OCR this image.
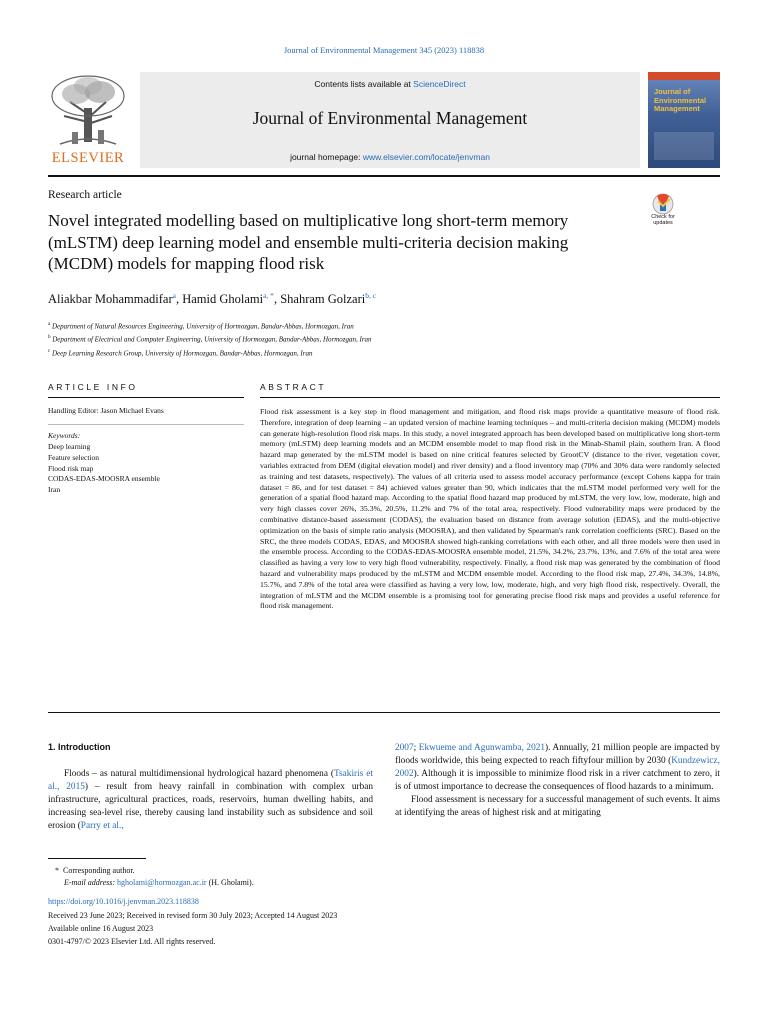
Journal of Environmental Management 345 (2023) 118838
ELSEVIER
Contents lists available at ScienceDirect
Journal of Environmental Management
journal homepage: www.elsevier.com/locate/jenvman
Journal of Environmental Management
Research article
Novel integrated modelling based on multiplicative long short-term memory (mLSTM) deep learning model and ensemble multi-criteria decision making (MCDM) models for mapping flood risk
Check for updates
Aliakbar Mohammadifar$^a$, Hamid Gholami$^{a, *}$, Shahram Golzari$^{b, c}$
$^a$ Department of Natural Resources Engineering, University of Hormozgan, Bandar-Abbas, Hormozgan, Iran
$^b$ Department of Electrical and Computer Engineering, University of Hormozgan, Bandar-Abbas, Hormozgan, Iran
$^c$ Deep Learning Research Group, University of Hormozgan, Bandar-Abbas, Hormozgan, Iran
ARTICLE INFO	ABSTRACT
Handling Editor: Jason Michael Evans
Keywords:
Deep learning
Feature selection
Flood risk map
CODAS-EDAS-MOOSRA ensemble
Iran
Flood risk assessment is a key step in flood management and mitigation, and flood risk maps provide a quantitative measure of flood risk. Therefore, integration of deep learning – an updated version of machine learning techniques – and multi-criteria decision making (MCDM) models can generate high-resolution flood risk maps. In this study, a novel integrated approach has been developed based on multiplicative long short-term memory (mLSTM) deep learning models and an MCDM ensemble model to map flood risk in the Minab-Shamil plain, southern Iran. A flood hazard map generated by the mLSTM model is based on nine critical features selected by GrootCV (distance to the river, vegetation cover, variables extracted from DEM (digital elevation model) and river density) and a flood inventory map (70% and 30% data were randomly selected as training and test datasets, respectively). The values of all criteria used to assess model accuracy performance (except Cohens kappa for train dataset = 86, and for test dataset = 84) achieved values greater than 90, which indicates that the mLSTM model performed very well for the generation of a spatial flood hazard map. According to the spatial flood hazard map produced by mLSTM, the very low, low, moderate, high and very high classes cover 26%, 35.3%, 20.5%, 11.2% and 7% of the total area, respectively. Flood vulnerability maps were produced by the combinative distance-based assessment (CODAS), the evaluation based on distance from average solution (EDAS), and the multi-objective optimization on the basis of simple ratio analysis (MOOSRA), and then validated by Spearman's rank correlation coefficients (SRC). Based on the SRC, the three models CODAS, EDAS, and MOOSRA showed high-ranking correlations with each other, and all three models were then used in the ensemble process. According to the CODAS-EDAS-MOOSRA ensemble model, 21.5%, 34.2%, 23.7%, 13%, and 7.6% of the total area were classified as having a very low to very high flood vulnerability, respectively. Finally, a flood risk map was generated by the combination of flood hazard and vulnerability maps produced by the mLSTM and MCDM ensemble model. According to the flood risk map, 27.4%, 34.3%, 14.8%, 15.7%, and 7.8% of the total area were classified as having a very low, low, moderate, high, and very high flood risk, respectively. Overall, the integration of mLSTM and the MCDM ensemble is a promising tool for generating precise flood risk maps and provides a useful reference for flood risk management.
1. Introduction
Floods – as natural multidimensional hydrological hazard phenomena (Tsakiris et al., 2015) – result from heavy rainfall in combination with complex urban infrastructure, agricultural practices, roads, reservoirs, human dwelling habits, and increasing sea-level rise, thereby causing land instability such as subsidence and soil erosion (Parry et al.,

2007; Ekwueme and Agunwamba, 2021). Annually, 21 million people are impacted by floods worldwide, this being expected to reach fiftyfour million by 2030 (Kundzewicz, 2002). Although it is impossible to minimize flood risk in a river catchment to zero, it is of utmost importance to decrease the consequences of flood hazards to a minimum.

Flood assessment is necessary for a successful management of such events. It aims at identifying the areas of highest risk and at mitigating

* Corresponding author.
E-mail address: hgholami@hormozgan.ac.ir (H. Gholami).
https://doi.org/10.1016/j.jenvman.2023.118838
Received 23 June 2023; Received in revised form 30 July 2023; Accepted 14 August 2023
Available online 16 August 2023
0301-4797/© 2023 Elsevier Ltd. All rights reserved.
